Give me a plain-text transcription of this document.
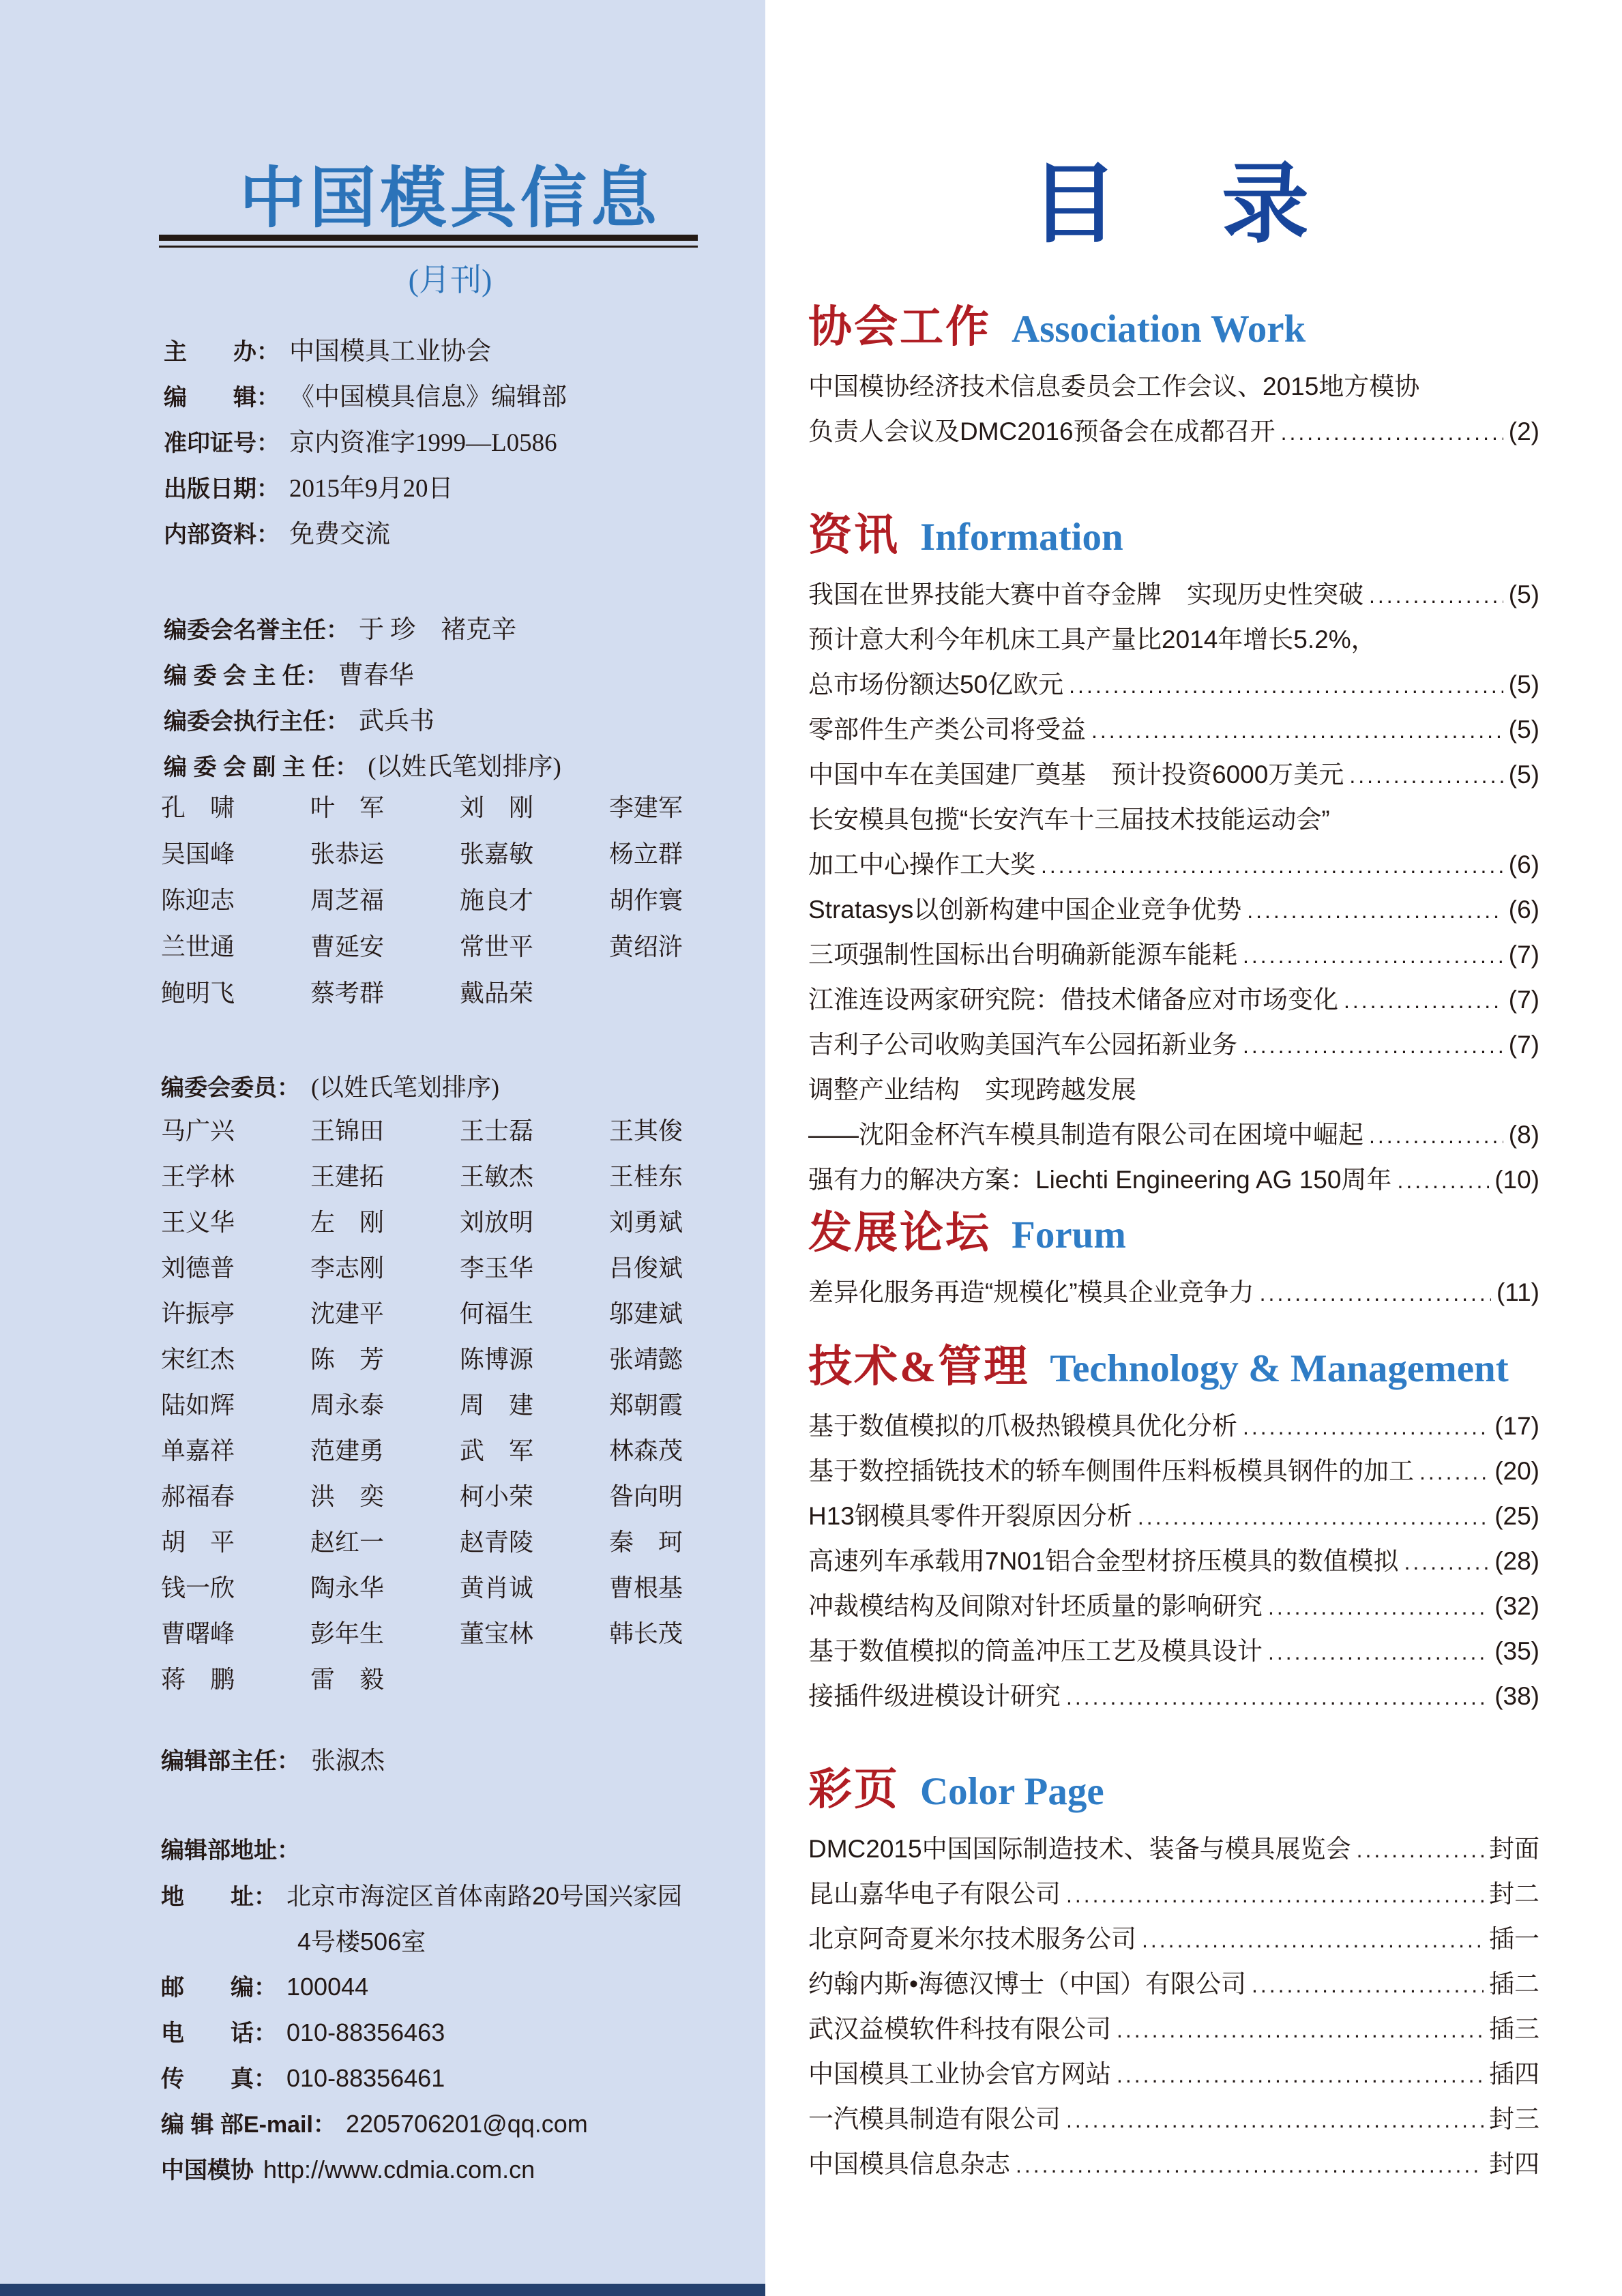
中国模具信息
(月刊)
主　　办： 中国模具工业协会
编　　辑： 《中国模具信息》编辑部
准印证号： 京内资准字1999—L0586
出版日期： 2015年9月20日
内部资料： 免费交流
编委会名誉主任： 于 珍　褚克辛
编 委 会 主 任： 曹春华
编委会执行主任： 武兵书
编 委 会 副 主 任： (以姓氏笔划排序)
孔　啸	叶　军	刘　刚	李建军
吴国峰	张恭运	张嘉敏	杨立群
陈迎志	周芝福	施良才	胡作寰
兰世通	曹延安	常世平	黄绍浒
鲍明飞	蔡考群	戴品荣
编委会委员： (以姓氏笔划排序)
马广兴	王锦田	王士磊	王其俊
王学林	王建拓	王敏杰	王桂东
王义华	左　刚	刘放明	刘勇斌
刘德普	李志刚	李玉华	吕俊斌
许振亭	沈建平	何福生	邬建斌
宋红杰	陈　芳	陈博源	张靖懿
陆如辉	周永泰	周　建	郑朝霞
单嘉祥	范建勇	武　军	林森茂
郝福春	洪　奕	柯小荣	昝向明
胡　平	赵红一	赵青陵	秦　珂
钱一欣	陶永华	黄肖诚	曹根基
曹曙峰	彭年生	董宝林	韩长茂
蒋　鹏	雷　毅
编辑部主任： 张淑杰
编辑部地址：
地　　址： 北京市海淀区首体南路20号国兴家园
4号楼506室
邮　　编： 100044
电　　话： 010-88356463
传　　真： 010-88356461
编 辑 部E-mail： 2205706201@qq.com
中国模协 http://www.cdmia.com.cn
目　录
协会工作 Association Work
中国模协经济技术信息委员会工作会议、2015地方模协
负责人会议及DMC2016预备会在成都召开 .....	(2)
资讯 Information
我国在世界技能大赛中首夺金牌　实现历史性突破 .....	(5)
预计意大利今年机床工具产量比2014年增长5.2%，
总市场份额达50亿欧元 .....	(5)
零部件生产类公司将受益 .....	(5)
中国中车在美国建厂奠基　预计投资6000万美元 .....	(5)
长安模具包揽“长安汽车十三届技术技能运动会”
加工中心操作工大奖 .....	(6)
Stratasys以创新构建中国企业竞争优势 .....	(6)
三项强制性国标出台明确新能源车能耗 .....	(7)
江淮连设两家研究院：借技术储备应对市场变化 .....	(7)
吉利子公司收购美国汽车公园拓新业务 .....	(7)
调整产业结构　实现跨越发展
——沈阳金杯汽车模具制造有限公司在困境中崛起 .....	(8)
强有力的解决方案：Liechti Engineering AG 150周年 .....	(10)
发展论坛 Forum
差异化服务再造“规模化”模具企业竞争力 .....	(11)
技术&管理 Technology & Management
基于数值模拟的爪极热锻模具优化分析 .....	(17)
基于数控插铣技术的轿车侧围件压料板模具钢件的加工 .....	(20)
H13钢模具零件开裂原因分析 .....	(25)
高速列车承载用7N01铝合金型材挤压模具的数值模拟 .....	(28)
冲裁模结构及间隙对针坯质量的影响研究 .....	(32)
基于数值模拟的筒盖冲压工艺及模具设计 .....	(35)
接插件级进模设计研究 .....	(38)
彩页 Color Page
DMC2015中国国际制造技术、装备与模具展览会 .....	封面
昆山嘉华电子有限公司 .....	封二
北京阿奇夏米尔技术服务公司 .....	插一
约翰内斯•海德汉博士（中国）有限公司 .....	插二
武汉益模软件科技有限公司 .....	插三
中国模具工业协会官方网站 .....	插四
一汽模具制造有限公司 .....	封三
中国模具信息杂志 .....	封四
